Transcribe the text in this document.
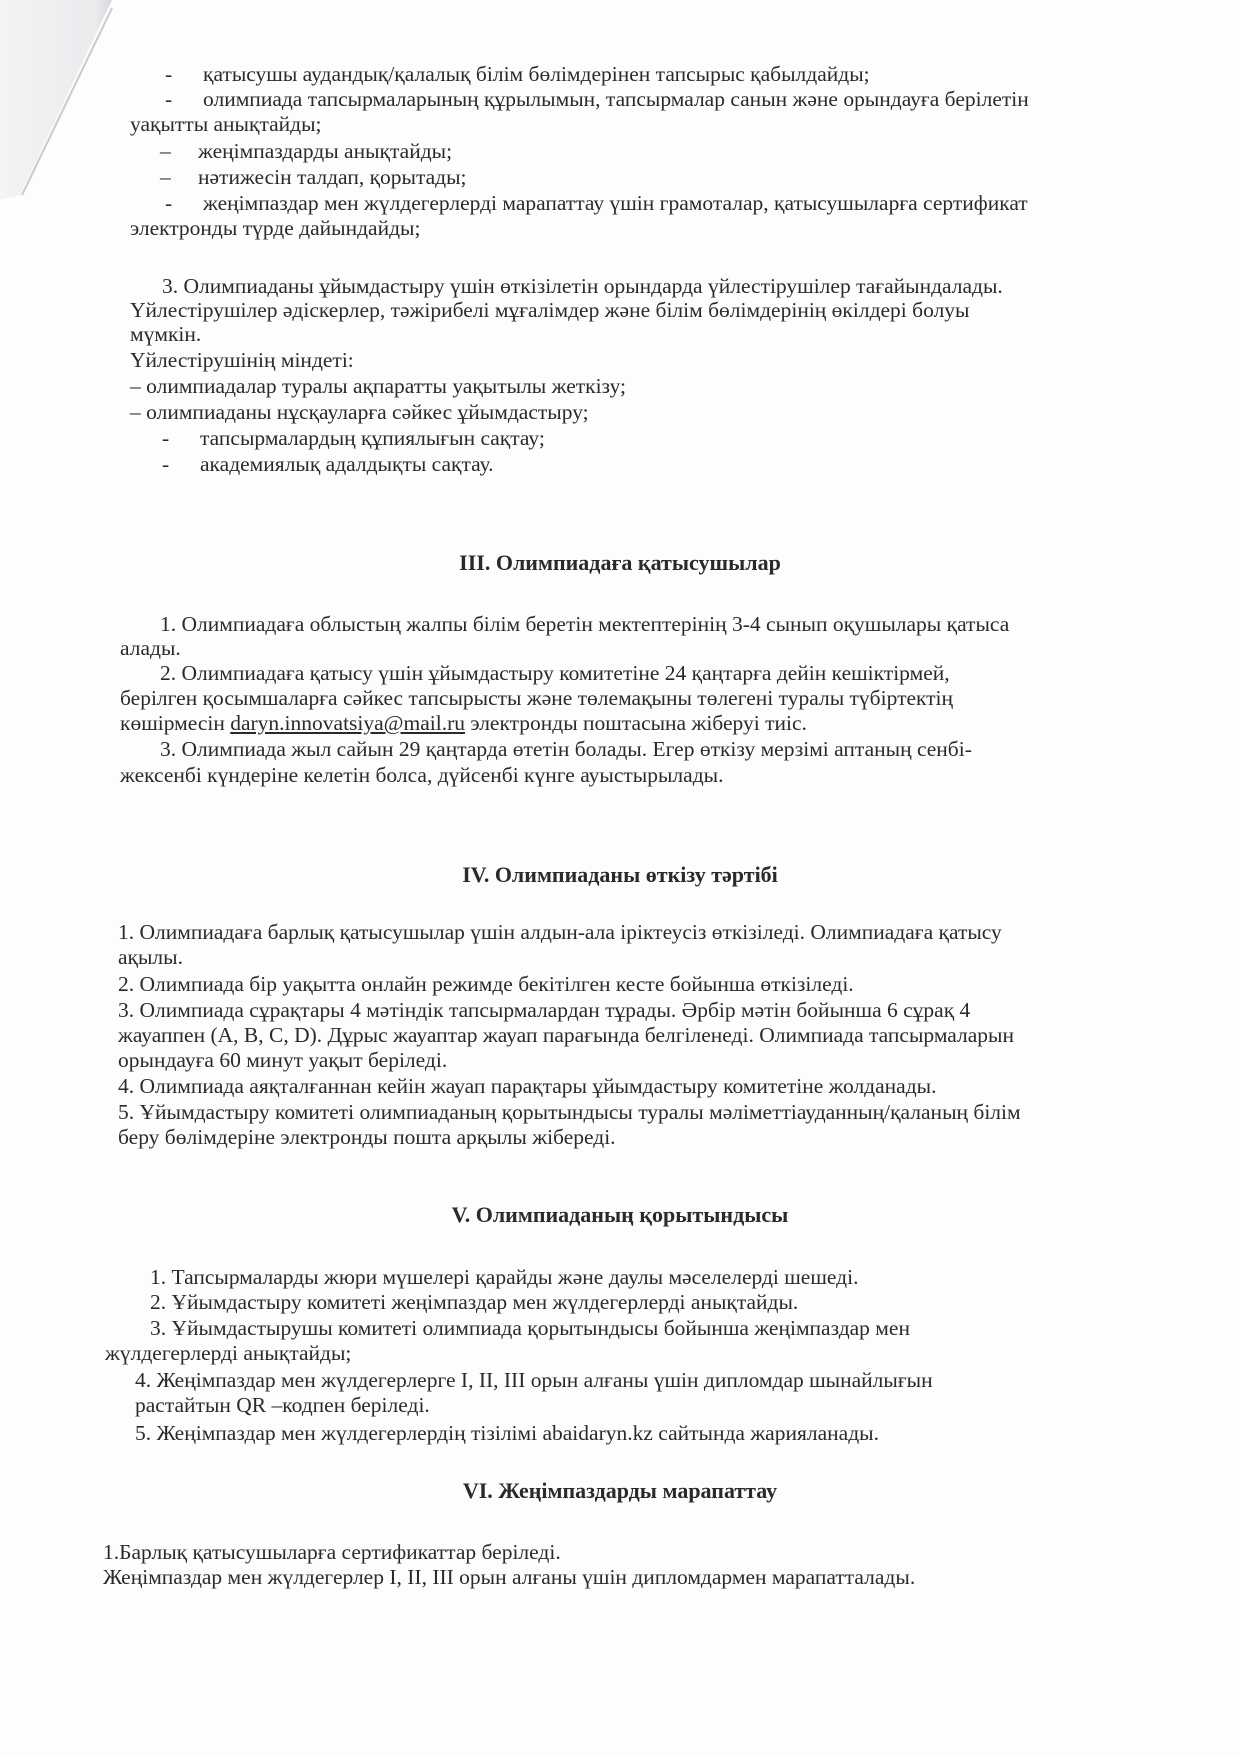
- қатысушы аудандық/қалалық білім бөлімдерінен тапсырыс қабылдайды;
- олимпиада тапсырмаларының құрылымын, тапсырмалар санын және орындауға берілетін
уақытты анықтайды;
– жеңімпаздарды анықтайды;
– нәтижесін талдап, қорытады;
- жеңімпаздар мен жүлдегерлерді марапаттау үшін грамоталар, қатысушыларға сертификат
электронды түрде дайындайды;
3. Олимпиаданы ұйымдастыру үшін өткізілетін орындарда үйлестірушілер тағайындалады.
Үйлестірушілер әдіскерлер, тәжірибелі мұғалімдер және білім бөлімдерінің өкілдері болуы
мүмкін.
Үйлестірушінің міндеті:
– олимпиадалар туралы ақпаратты уақытылы жеткізу;
– олимпиаданы нұсқауларға сәйкес ұйымдастыру;
- тапсырмалардың құпиялығын сақтау;
- академиялық адалдықты сақтау.
III. Олимпиадаға қатысушылар
1. Олимпиадаға облыстың жалпы білім беретін мектептерінің 3-4 сынып оқушылары қатыса
алады.
2. Олимпиадаға қатысу үшін ұйымдастыру комитетіне 24 қаңтарға дейін кешіктірмей,
берілген қосымшаларға сәйкес тапсырысты және төлемақыны төлегені туралы түбіртектің
көшірмесін daryn.innovatsiya@mail.ru электронды поштасына жіберуі тиіс.
3. Олимпиада жыл сайын 29 қаңтарда өтетін болады. Егер өткізу мерзімі аптаның сенбі-
жексенбі күндеріне келетін болса, дүйсенбі күнге ауыстырылады.
IV. Олимпиаданы өткізу тәртібі
1. Олимпиадаға барлық қатысушылар үшін алдын-ала іріктеусіз өткізіледі. Олимпиадаға қатысу
ақылы.
2. Олимпиада бір уақытта онлайн режимде бекітілген кесте бойынша өткізіледі.
3. Олимпиада сұрақтары 4 мәтіндік тапсырмалардан тұрады. Әрбір мәтін бойынша 6 сұрақ 4
жауаппен (A, B, C, D). Дұрыс жауаптар жауап парағында белгіленеді. Олимпиада тапсырмаларын
орындауға 60 минут уақыт беріледі.
4. Олимпиада аяқталғаннан кейін жауап парақтары ұйымдастыру комитетіне жолданады.
5. Ұйымдастыру комитеті олимпиаданың қорытындысы туралы мәліметтіауданның/қаланың білім
беру бөлімдеріне электронды пошта арқылы жібереді.
V. Олимпиаданың қорытындысы
1. Тапсырмаларды жюри мүшелері қарайды және даулы мәселелерді шешеді.
2. Ұйымдастыру комитеті жеңімпаздар мен жүлдегерлерді анықтайды.
3. Ұйымдастырушы комитеті олимпиада қорытындысы бойынша жеңімпаздар мен
жүлдегерлерді анықтайды;
4. Жеңімпаздар мен жүлдегерлерге I, II, III орын алғаны үшін дипломдар шынайлығын
растайтын QR –кодпен беріледі.
5. Жеңімпаздар мен жүлдегерлердің тізілімі abaidaryn.kz сайтында жарияланады.
VI. Жеңімпаздарды марапаттау
1.Барлық қатысушыларға сертификаттар беріледі.
Жеңімпаздар мен жүлдегерлер I, II, III орын алғаны үшін дипломдармен марапатталады.
